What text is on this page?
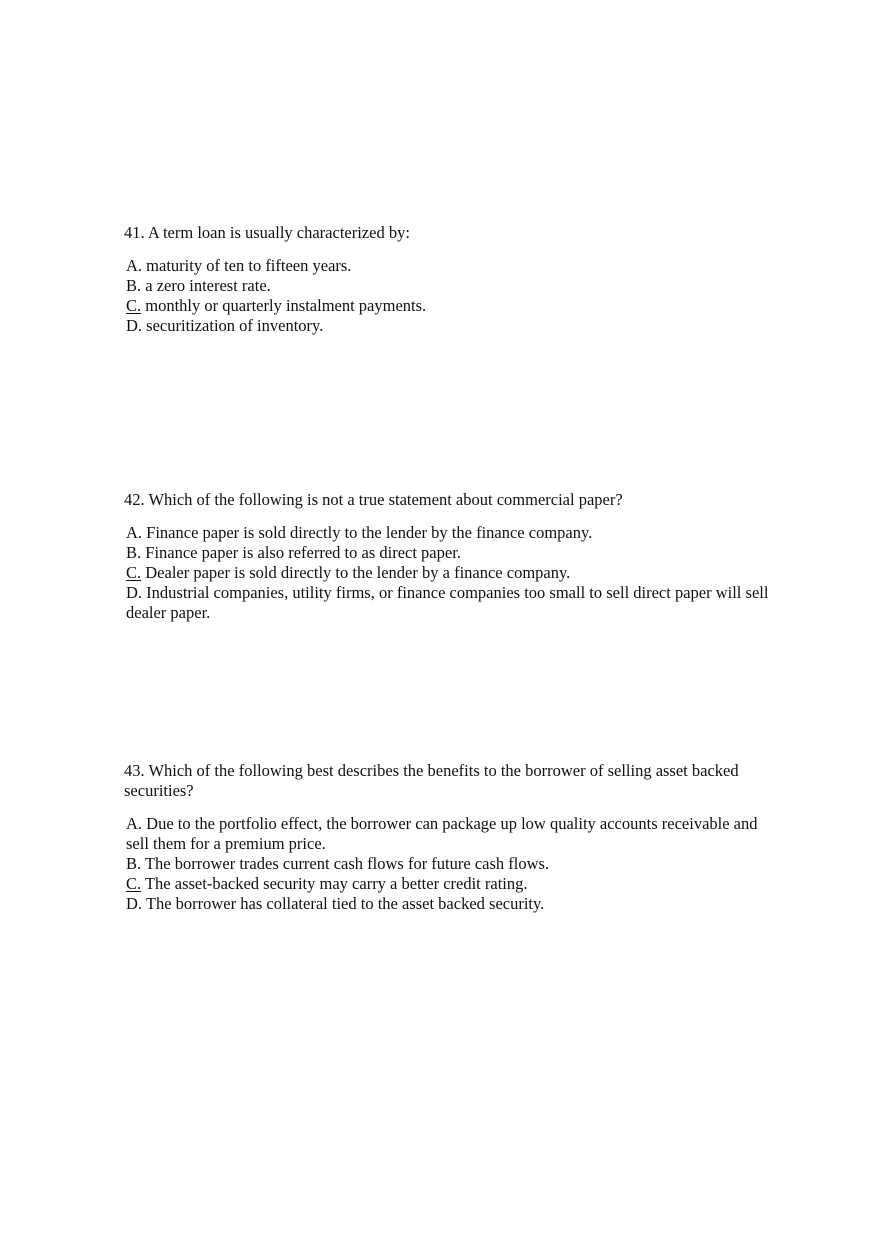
41. A term loan is usually characterized by:

A. maturity of ten to fifteen years.
B. a zero interest rate.
C. monthly or quarterly instalment payments.
D. securitization of inventory.

42. Which of the following is not a true statement about commercial paper?

A. Finance paper is sold directly to the lender by the finance company.
B. Finance paper is also referred to as direct paper.
C. Dealer paper is sold directly to the lender by a finance company.
D. Industrial companies, utility firms, or finance companies too small to sell direct paper will sell dealer paper.

43. Which of the following best describes the benefits to the borrower of selling asset backed securities?

A. Due to the portfolio effect, the borrower can package up low quality accounts receivable and sell them for a premium price.
B. The borrower trades current cash flows for future cash flows.
C. The asset-backed security may carry a better credit rating.
D. The borrower has collateral tied to the asset backed security.
